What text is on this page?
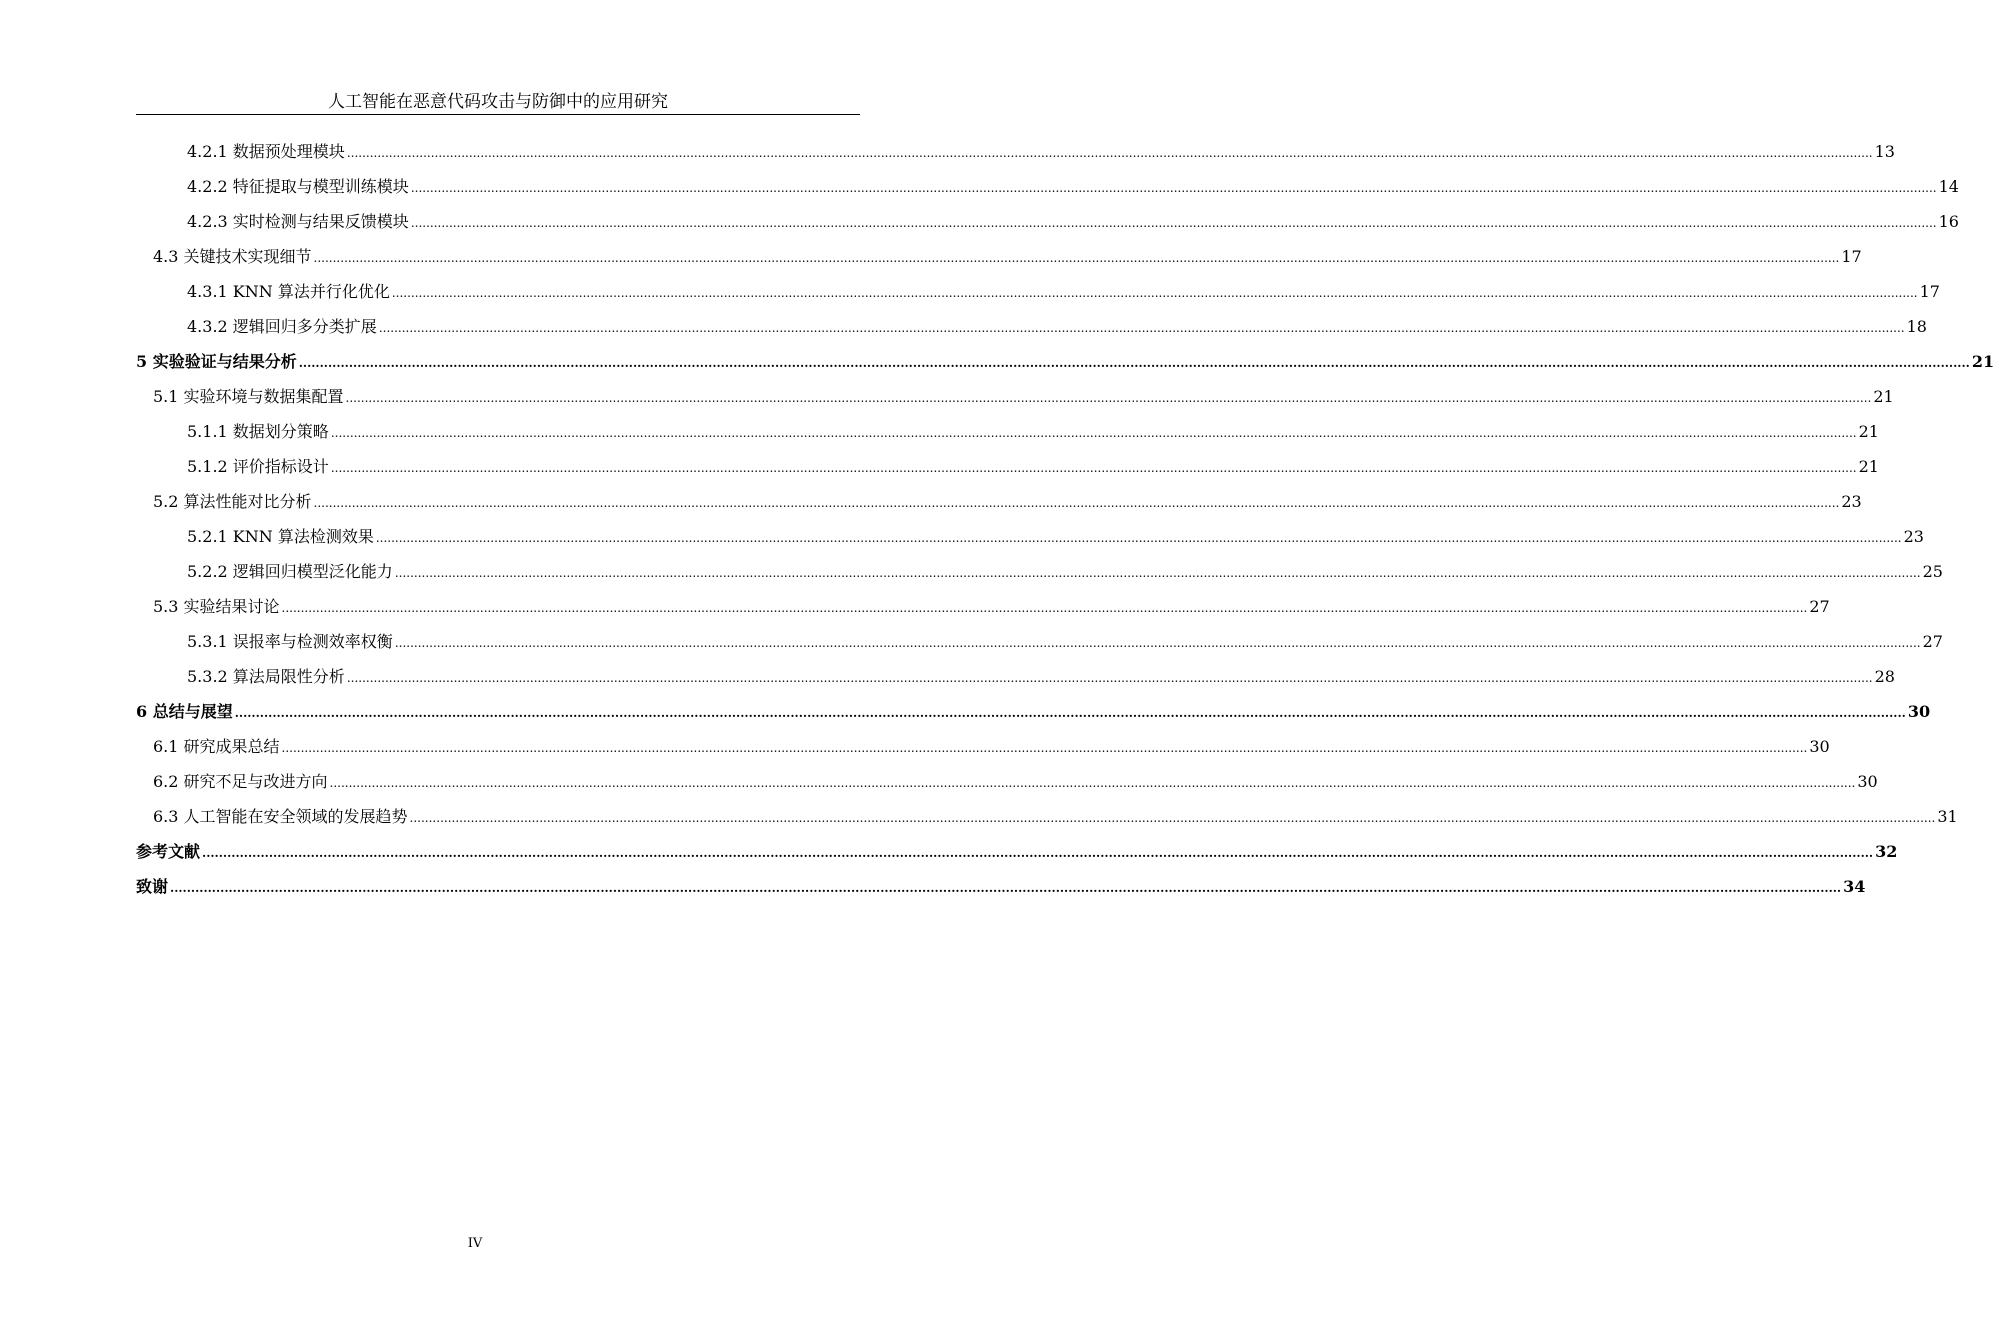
人工智能在恶意代码攻击与防御中的应用研究
4.2.1 数据预处理模块 ................................................................................................................................................................................................................................................................................................................................................................................................................ 13
4.2.2 特征提取与模型训练模块 ................................................................................................................................................................................................................................................................................................................................................................................................................ 14
4.2.3 实时检测与结果反馈模块 ................................................................................................................................................................................................................................................................................................................................................................................................................ 16
4.3 关键技术实现细节 ................................................................................................................................................................................................................................................................................................................................................................................................................ 17
4.3.1 KNN 算法并行化优化 ................................................................................................................................................................................................................................................................................................................................................................................................................ 17
4.3.2 逻辑回归多分类扩展 ................................................................................................................................................................................................................................................................................................................................................................................................................ 18
5 实验验证与结果分析 ................................................................................................................................................................................................................................................................................................................................................................................................................ 21
5.1 实验环境与数据集配置 ................................................................................................................................................................................................................................................................................................................................................................................................................ 21
5.1.1 数据划分策略 ................................................................................................................................................................................................................................................................................................................................................................................................................ 21
5.1.2 评价指标设计 ................................................................................................................................................................................................................................................................................................................................................................................................................ 21
5.2 算法性能对比分析 ................................................................................................................................................................................................................................................................................................................................................................................................................ 23
5.2.1 KNN 算法检测效果 ................................................................................................................................................................................................................................................................................................................................................................................................................ 23
5.2.2 逻辑回归模型泛化能力 ................................................................................................................................................................................................................................................................................................................................................................................................................ 25
5.3 实验结果讨论 ................................................................................................................................................................................................................................................................................................................................................................................................................ 27
5.3.1 误报率与检测效率权衡 ................................................................................................................................................................................................................................................................................................................................................................................................................ 27
5.3.2 算法局限性分析 ................................................................................................................................................................................................................................................................................................................................................................................................................ 28
6 总结与展望 ................................................................................................................................................................................................................................................................................................................................................................................................................ 30
6.1 研究成果总结 ................................................................................................................................................................................................................................................................................................................................................................................................................ 30
6.2 研究不足与改进方向 ................................................................................................................................................................................................................................................................................................................................................................................................................ 30
6.3 人工智能在安全领域的发展趋势 ................................................................................................................................................................................................................................................................................................................................................................................................................ 31
参考文献 ................................................................................................................................................................................................................................................................................................................................................................................................................ 32
致谢 ................................................................................................................................................................................................................................................................................................................................................................................................................ 34
IV
